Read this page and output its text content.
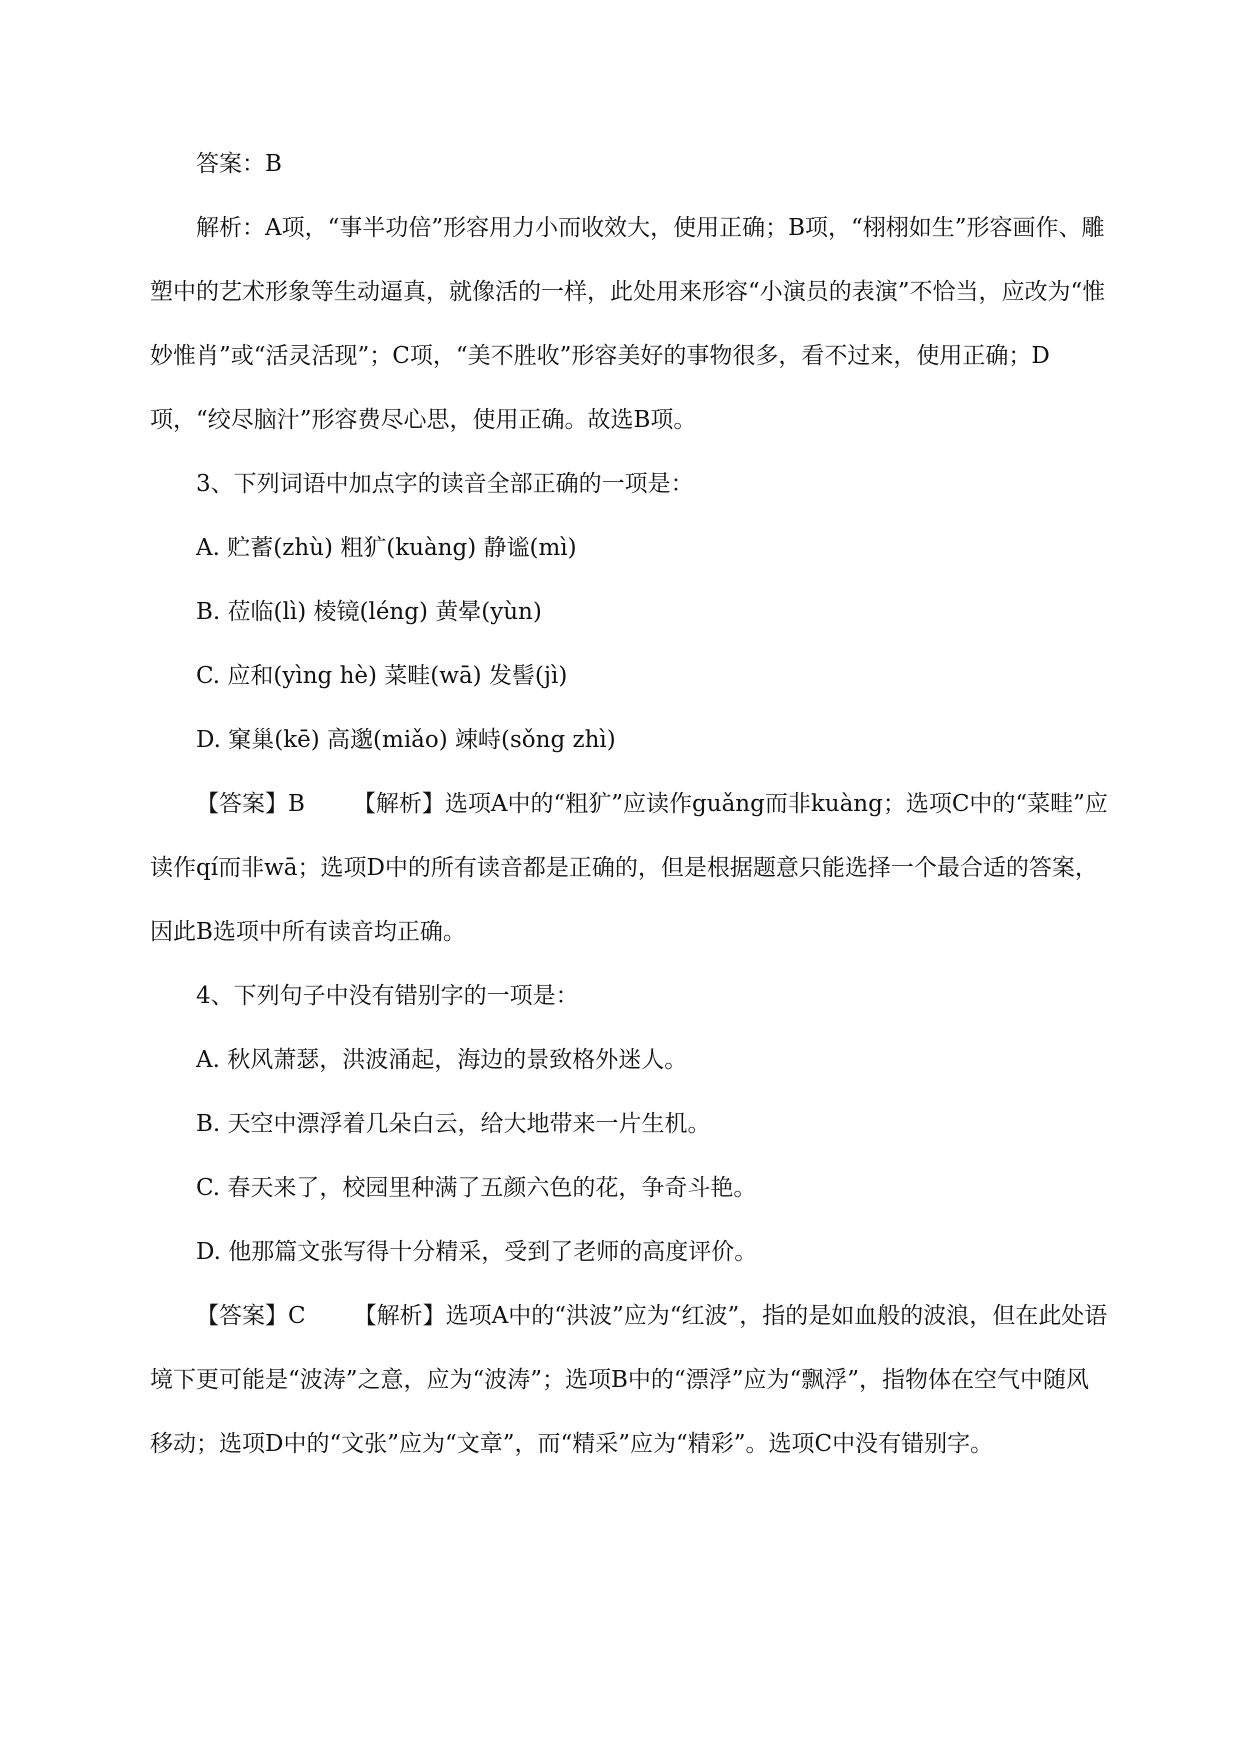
答案：B

解析：A项，“事半功倍”形容用力小而收效大，使用正确；B项，“栩栩如生”形容画作、雕塑中的艺术形象等生动逼真，就像活的一样，此处用来形容“小演员的表演”不恰当，应改为“惟妙惟肖”或“活灵活现”；C项，“美不胜收”形容美好的事物很多，看不过来，使用正确；D项，“绞尽脑汁”形容费尽心思，使用正确。故选B项。

3、下列词语中加点字的读音全部正确的一项是：

A. 贮蓄(zhù) 粗犷(kuàng) 静谧(mì)

B. 莅临(lì) 棱镜(léng) 黄晕(yùn)

C. 应和(yìng hè) 菜畦(wā) 发髻(jì)

D. 窠巢(kē) 高邈(miǎo) 竦峙(sǒng zhì)

【答案】B 【解析】选项A中的“粗犷”应读作guǎng而非kuàng；选项C中的“菜畦”应读作qí而非wā；选项D中的所有读音都是正确的，但是根据题意只能选择一个最合适的答案，因此B选项中所有读音均正确。

4、下列句子中没有错别字的一项是：

A. 秋风萧瑟，洪波涌起，海边的景致格外迷人。

B. 天空中漂浮着几朵白云，给大地带来一片生机。

C. 春天来了，校园里种满了五颜六色的花，争奇斗艳。

D. 他那篇文张写得十分精采，受到了老师的高度评价。

【答案】C 【解析】选项A中的“洪波”应为“红波”，指的是如血般的波浪，但在此处语境下更可能是“波涛”之意，应为“波涛”；选项B中的“漂浮”应为“飘浮”，指物体在空气中随风移动；选项D中的“文张”应为“文章”，而“精采”应为“精彩”。选项C中没有错别字。
